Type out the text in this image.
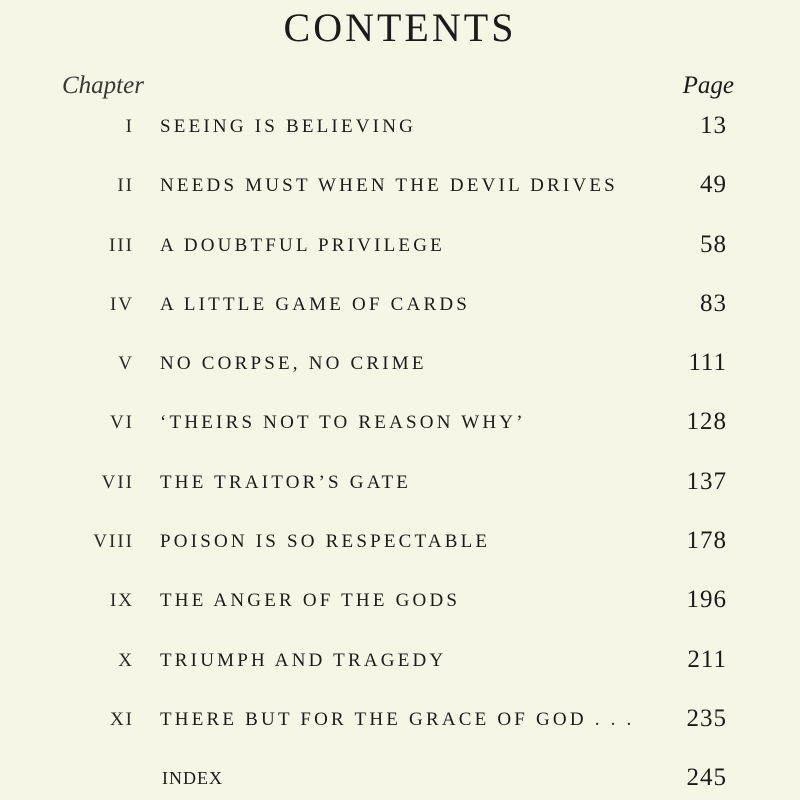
CONTENTS
Chapter	Page
I SEEING IS BELIEVING	13
II NEEDS MUST WHEN THE DEVIL DRIVES	49
III A DOUBTFUL PRIVILEGE	58
IV A LITTLE GAME OF CARDS	83
V NO CORPSE, NO CRIME	111
VI ‘THEIRS NOT TO REASON WHY’	128
VII THE TRAITOR’S GATE	137
VIII POISON IS SO RESPECTABLE	178
IX THE ANGER OF THE GODS	196
X TRIUMPH AND TRAGEDY	211
XI THERE BUT FOR THE GRACE OF GOD . . . 235
INDEX	245
